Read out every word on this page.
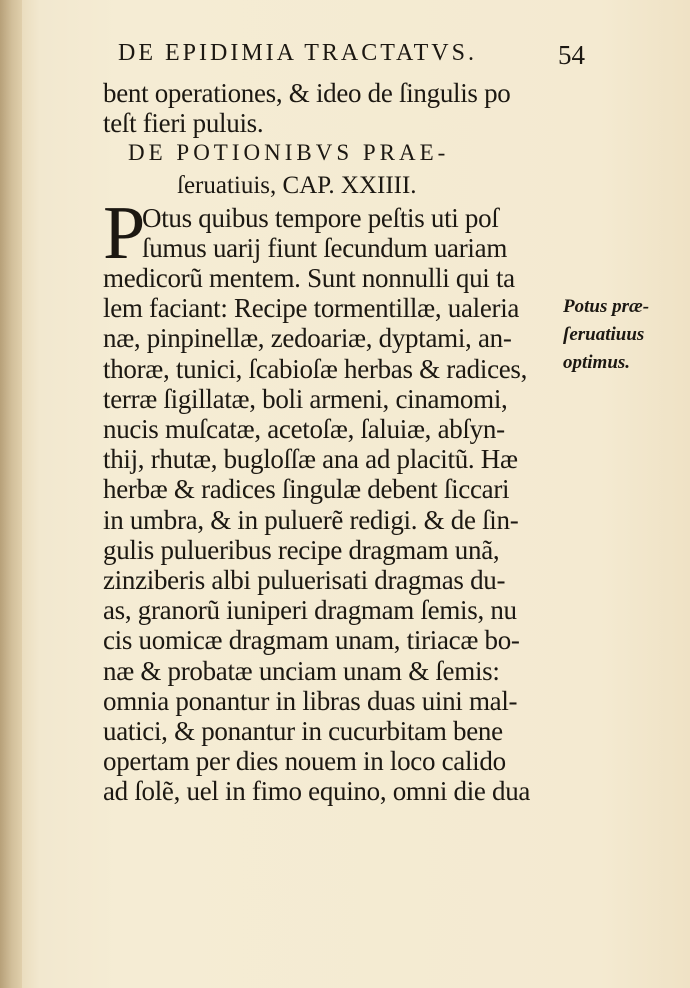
DE EPIDIMIA TRACTATVS.	54
bent operationes, & ideo de ſingulis po
teſt fieri puluis.
DE POTIONIBVS PRAE-
ſeruatiuis, CAP. XXIIII.
P
Otus quibus tempore peſtis uti poſ
ſumus uarij fiunt ſecundum uariam
medicorũ mentem. Sunt nonnulli qui ta
lem faciant: Recipe tormentillæ, ualeria
næ, pinpinellæ, zedoariæ, dyptami, an-
thoræ, tunici, ſcabioſæ herbas & radices,
terræ ſigillatæ, boli armeni, cinamomi,
nucis muſcatæ, acetoſæ, ſaluiæ, abſyn-
thij, rhutæ, bugloſſæ ana ad placitũ. Hæ
herbæ & radices ſingulæ debent ſiccari
in umbra, & in puluerẽ redigi. & de ſin-
gulis pulueribus recipe dragmam unã,
zinziberis albi puluerisati dragmas du-
as, granorũ iuniperi dragmam ſemis, nu
cis uomicæ dragmam unam, tiriacæ bo-
næ & probatæ unciam unam & ſemis:
omnia ponantur in libras duas uini mal-
uatici, & ponantur in cucurbitam bene
opertam per dies nouem in loco calido
ad ſolẽ, uel in fimo equino, omni die dua
Potus præ-
ſeruatiuus
optimus.
